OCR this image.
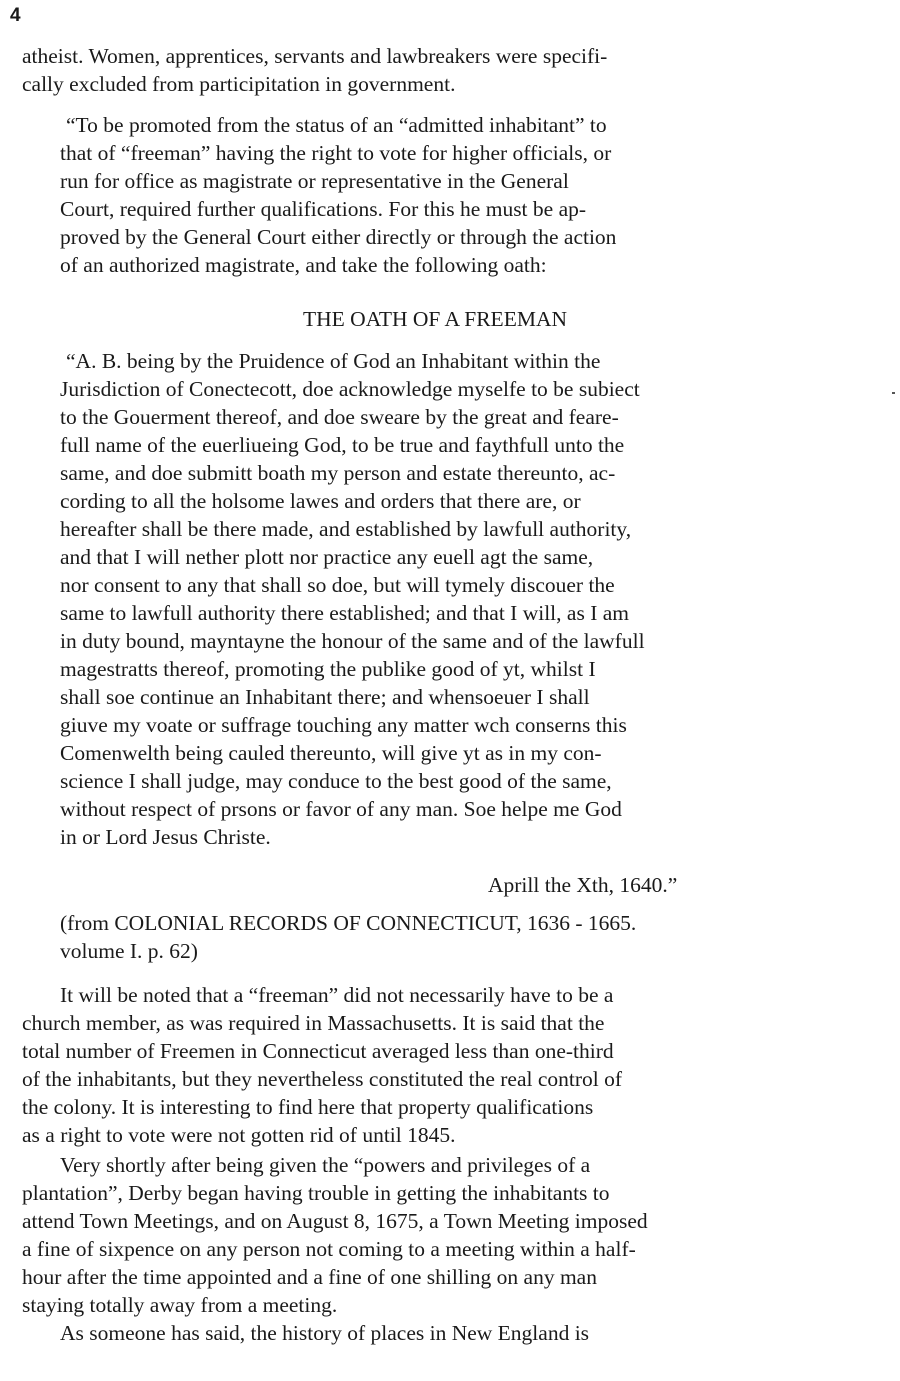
4
atheist. Women, apprentices, servants and lawbreakers were specifi-
cally excluded from participitation in government.
“To be promoted from the status of an “admitted inhabitant” to
that of “freeman” having the right to vote for higher officials, or
run for office as magistrate or representative in the General
Court, required further qualifications. For this he must be ap-
proved by the General Court either directly or through the action
of an authorized magistrate, and take the following oath:
THE OATH OF A FREEMAN
“A. B. being by the Pruidence of God an Inhabitant within the
Jurisdiction of Conectecott, doe acknowledge myselfe to be subiect
to the Gouerment thereof, and doe sweare by the great and feare-
full name of the euerliueing God, to be true and faythfull unto the
same, and doe submitt boath my person and estate thereunto, ac-
cording to all the holsome lawes and orders that there are, or
hereafter shall be there made, and established by lawfull authority,
and that I will nether plott nor practice any euell agt the same,
nor consent to any that shall so doe, but will tymely discouer the
same to lawfull authority there established; and that I will, as I am
in duty bound, mayntayne the honour of the same and of the lawfull
magestratts thereof, promoting the publike good of yt, whilst I
shall soe continue an Inhabitant there; and whensoeuer I shall
giuve my voate or suffrage touching any matter wch conserns this
Comenwelth being cauled thereunto, will give yt as in my con-
science I shall judge, may conduce to the best good of the same,
without respect of prsons or favor of any man. Soe helpe me God
in or Lord Jesus Christe.
Aprill the Xth, 1640.”
(from COLONIAL RECORDS OF CONNECTICUT, 1636 - 1665.
volume I. p. 62)
It will be noted that a “freeman” did not necessarily have to be a
church member, as was required in Massachusetts. It is said that the
total number of Freemen in Connecticut averaged less than one-third
of the inhabitants, but they nevertheless constituted the real control of
the colony. It is interesting to find here that property qualifications
as a right to vote were not gotten rid of until 1845.
Very shortly after being given the “powers and privileges of a
plantation”, Derby began having trouble in getting the inhabitants to
attend Town Meetings, and on August 8, 1675, a Town Meeting imposed
a fine of sixpence on any person not coming to a meeting within a half-
hour after the time appointed and a fine of one shilling on any man
staying totally away from a meeting.
As someone has said, the history of places in New England is
